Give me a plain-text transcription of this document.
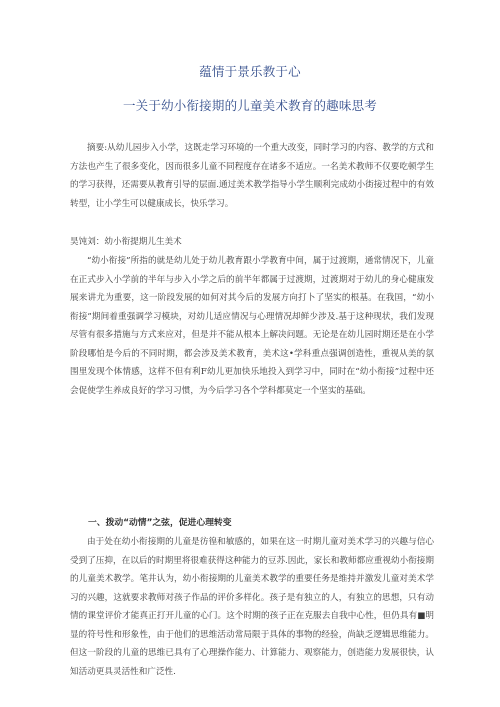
蕴情于景乐教于心
一关于幼小衔接期的儿童美术教育的趣味思考

摘要:从幼儿园步入小学，这既走学习环境的一个重大改变，同时学习的内容、教学的方式和方法也产生了很多变化，因而很多儿童不同程度存在诸多不适应。一名美术教师不仅要吃顿学生的学习获得，还需要从教育引导的层面.通过美术教学指导小学生顺利完成幼小街接过程中的有效转型，让小学生可以健康成长，快乐学习。

昊饨刘：幼小衔提期儿生美术

“幼小衔接”所指的就是幼儿处于幼儿教育跟小学教育中间，属于过渡期，通常情况下，儿童在正式步入小学前的半年与步入小学之后的前半年都属于过渡期，过渡期对于幼儿的身心健康发展来讲尤为重要，这一阶段发展的如何对其今后的发展方向打卜了坚实的根基。在我国，“幼小衔接”期间着重强调学习模块，对幼儿适应情况与心理情况却鲜少涉及.基于这种现状，我们发现尽管有很多措施与方式来应对，但是并不能从根本上解决问题。无论是在幼儿园时期还是在小学阶段哪怕是今后的不同时期，都会涉及美术教育，美术这•学科重点强调创造性，重视从美的氛围里发现个体情感，这样不但有利F幼儿更加快乐地投入到学习中，同时在“幼小衔接”过程中还会促使学生养成良好的学习习惯，为今后学习各个学科都莫定一个坚实的基础。

一、拨动“动情”之弦，促进心理转变

由于处在幼小衔接期的儿童是彷徨和敏感的，如果在这一时期儿童对美术学习的兴趣与信心受到了压抑，在以后的时期里将很难获得这种能力的豆苏.因此，家长和教师都应重视幼小衔接期的儿童美术教学。笔井认为，幼小衔接期的儿童美术教学的重要任务是维持并激发儿童对美术学习的兴趣，这就要求教师对孩子作品的评价多样化。孩子是有独立的人，有独立的思想，只有动情的课堂评价才能真正打开儿童的心门。这个时期的孩子正在克服去自我中心性，但仍具有■明显的符号性和形象性，由于他们的思维活动常局限于具体的事物的经验，尚缺乏逻辑思维能力。但这一阶段的儿童的思维已具有了心理操作能力、计算能力、观察能力，创造能力发展很快，认知活动更具灵活性和广泛性.
